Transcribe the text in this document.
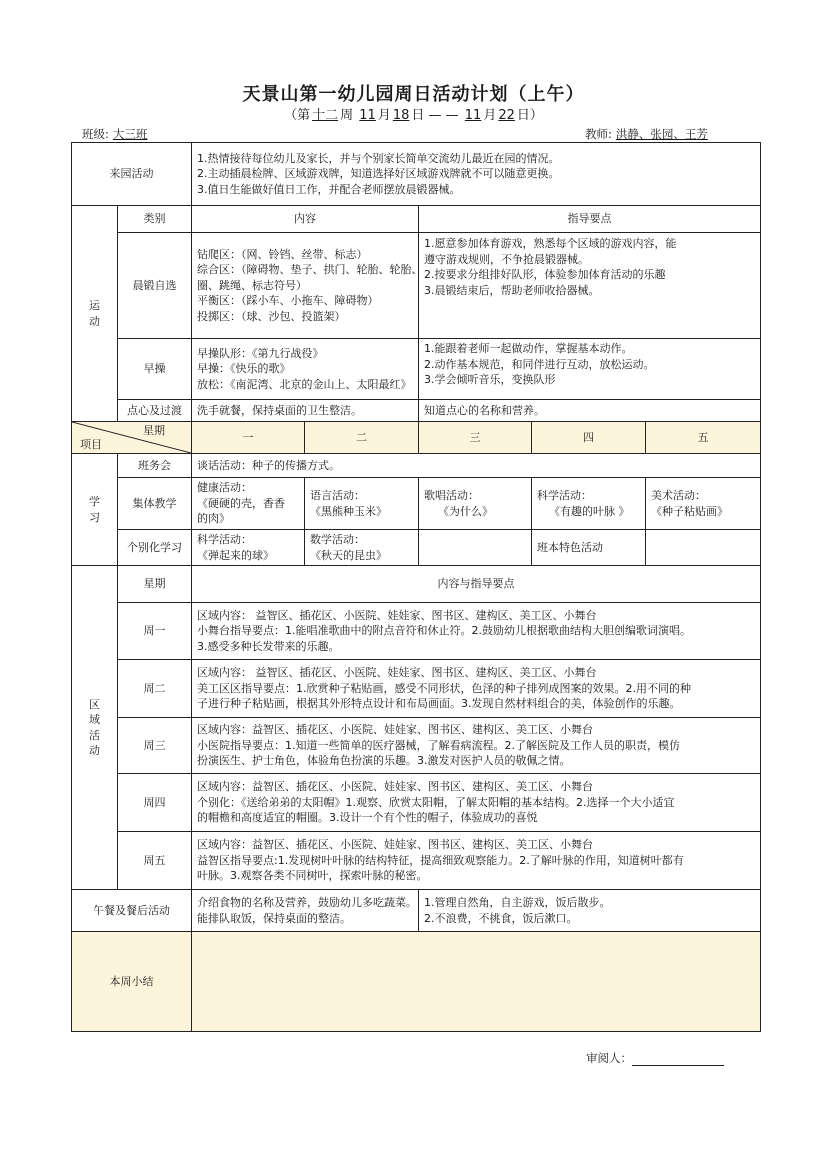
天景山第一幼儿园周日活动计划（上午）
（第 十二 周 11 月 18 日 — — 11 月 22 日）
班级: 大三班	教师: 洪静、张园、王芳
来园活动		1.热情接待每位幼儿及家长，并与个别家长简单交流幼儿最近在园的情况。
2.主动插晨检牌、区域游戏牌，知道选择好区域游戏牌就不可以随意更换。
3.值日生能做好值日工作，并配合老师摆放晨锻器械。				

运
动	类别	内容		指导要点		
	晨锻自选	钻爬区：（网、铃铛、丝带、标志）
综合区：（障碍物、垫子、拱门、轮胎、轮胎、
圈、跳绳、标志符号）
平衡区：（踩小车、小拖车、障碍物）
投掷区：（球、沙包、投篮架）		1.愿意参加体育游戏，熟悉每个区域的游戏内容，能
遵守游戏规则，不争抢晨锻器械。
2.按要求分组排好队形，体验参加体育活动的乐趣
3.晨锻结束后，帮助老师收拾器械。		

	早操	早操队形：《第九行战役》
早操：《快乐的歌》
放松：《南泥湾、北京的金山上、太阳最红》		1.能跟着老师一起做动作，掌握基本动作。
2.动作基本规范，和同伴进行互动，放松运动。
3.学会倾听音乐，变换队形		

	点心及过渡	洗手就餐，保持桌面的卫生整洁。		知道点心的名称和营养。		

星期
项目		一	二	三	四	五

学
习	班务会	谈话活动：种子的传播方式。				
	集体教学	健康活动：
《硬硬的壳，香香
的肉》	语言活动：
《黑熊种玉米》	歌唱活动：
《为什么》	科学活动：
《有趣的叶脉 》	美术活动：
《种子粘贴画》

	个别化学习	科学活动：
《弹起来的球》	数学活动：
《秋天的昆虫》		班本特色活动	

区
域
活
动	星期	内容与指导要点				
	周一	区域内容： 益智区、插花区、小医院、娃娃家、图书区、建构区、美工区、小舞台
小舞台指导要点：1.能唱准歌曲中的附点音符和休止符。2.鼓励幼儿根据歌曲结构大胆创编歌词演唱。
3.感受多种长发带来的乐趣。				

	周二	区域内容： 益智区、插花区、小医院、娃娃家、图书区、建构区、美工区、小舞台
美工区区指导要点：1.欣赏种子粘贴画，感受不同形状，色泽的种子排列成图案的效果。2.用不同的种
子进行种子粘贴画，根据其外形特点设计和布局画面。3.发现自然材料组合的美，体验创作的乐趣。				

	周三	区域内容：益智区、插花区、小医院、娃娃家、图书区、建构区、美工区、小舞台
小医院指导要点：1.知道一些简单的医疗器械，了解看病流程。2.了解医院及工作人员的职责，模仿
扮演医生、护士角色，体验角色扮演的乐趣。3.激发对医护人员的敬佩之情。				

	周四	区域内容：益智区、插花区、小医院、娃娃家、图书区、建构区、美工区、小舞台
个别化：《送给弟弟的太阳帽》1.观察、欣赏太阳帽，了解太阳帽的基本结构。2.选择一个大小适宜
的帽檐和高度适宜的帽圈。3.设计一个有个性的帽子，体验成功的喜悦				

	周五	区域内容：益智区、插花区、小医院、娃娃家、图书区、建构区、美工区、小舞台
益智区指导要点:1.发现树叶叶脉的结构特征，提高细致观察能力。2.了解叶脉的作用，知道树叶都有
叶脉。3.观察各类不同树叶，探索叶脉的秘密。				

午餐及餐后活动		介绍食物的名称及营养，鼓励幼儿多吃蔬菜。
能排队取饭，保持桌面的整洁。		1.管理自然角，自主游戏，饭后散步。
2.不浪费，不挑食，饭后漱口。		

本周小结						
审阅人：
